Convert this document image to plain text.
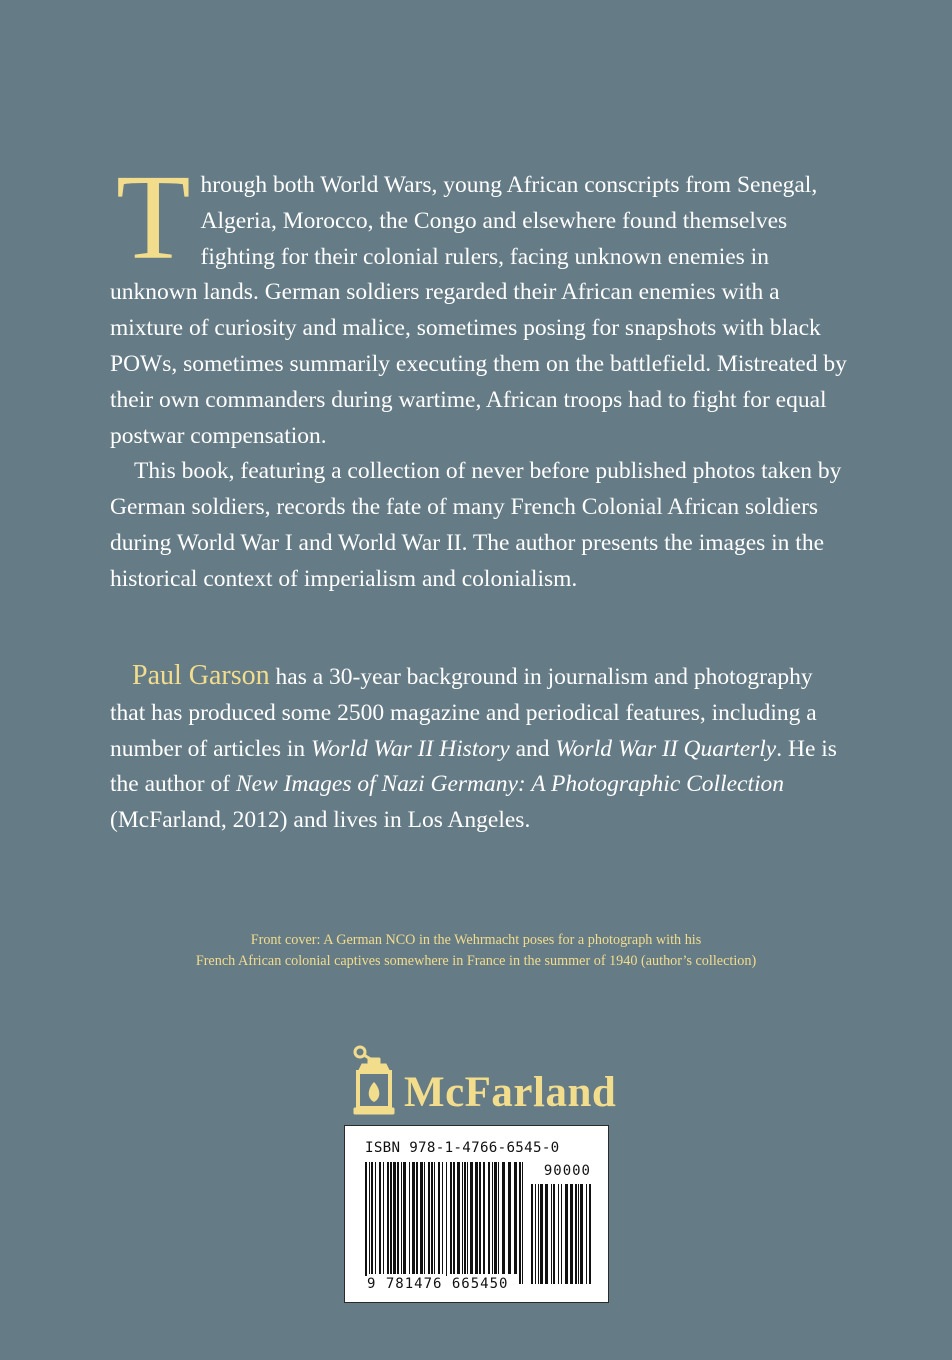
Through both World Wars, young African conscripts from Senegal, Algeria, Morocco, the Congo and elsewhere found themselves fighting for their colonial rulers, facing unknown enemies in unknown lands. German soldiers regarded their African enemies with a mixture of curiosity and malice, sometimes posing for snapshots with black POWs, sometimes summarily executing them on the battlefield. Mistreated by their own commanders during wartime, African troops had to fight for equal postwar compensation.

This book, featuring a collection of never before published photos taken by German soldiers, records the fate of many French Colonial African soldiers during World War I and World War II. The author presents the images in the historical context of imperialism and colonialism.

Paul Garson has a 30-year background in journalism and photography that has produced some 2500 magazine and periodical features, including a number of articles in World War II History and World War II Quarterly. He is the author of New Images of Nazi Germany: A Photographic Collection (McFarland, 2012) and lives in Los Angeles.
Front cover: A German NCO in the Wehrmacht poses for a photograph with his
French African colonial captives somewhere in France in the summer of 1940 (author’s collection)
McFarland
ISBN 978-1-4766-6545-0
90000
9 781476 665450
